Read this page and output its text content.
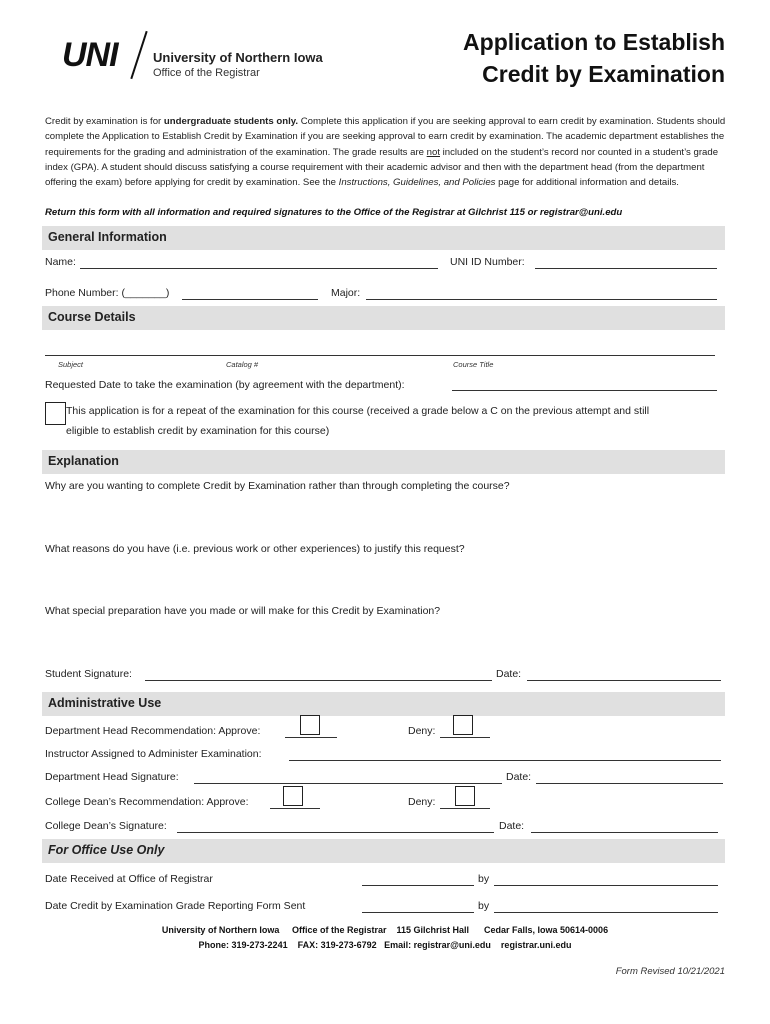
UNI	University of Northern Iowa
Office of the Registrar
Application to Establish
Credit by Examination
Credit by examination is for undergraduate students only. Complete this application if you are seeking approval to earn credit by examination. Students should complete the Application to Establish Credit by Examination if you are seeking approval to earn credit by examination. The academic department establishes the requirements for the grading and administration of the examination. The grade results are not included on the student’s record nor counted in a student’s grade index (GPA). A student should discuss satisfying a course requirement with their academic advisor and then with the department head (from the department offering the exam) before applying for credit by examination. See the Instructions, Guidelines, and Policies page for additional information and details.
Return this form with all information and required signatures to the Office of the Registrar at Gilchrist 115 or registrar@uni.edu
General Information
Name:	UNI ID Number:
Phone Number: (_______)	Major:
Course Details
Subject	Catalog #	Course Title
Requested Date to take the examination (by agreement with the department):
This application is for a repeat of the examination for this course (received a grade below a C on the previous attempt and still
eligible to establish credit by examination for this course)
Explanation
Why are you wanting to complete Credit by Examination rather than through completing the course?
What reasons do you have (i.e. previous work or other experiences) to justify this request?
What special preparation have you made or will make for this Credit by Examination?
Student Signature:	Date:
Administrative Use
Department Head Recommendation: Approve:	Deny:
Instructor Assigned to Administer Examination:
Department Head Signature:	Date:
College Dean’s Recommendation: Approve:	Deny:
College Dean’s Signature:	Date:
For Office Use Only
Date Received at Office of Registrar	by
Date Credit by Examination Grade Reporting Form Sent	by
University of Northern Iowa     Office of the Registrar    115 Gilchrist Hall      Cedar Falls, Iowa 50614-0006
Phone: 319-273-2241    FAX: 319-273-6792   Email: registrar@uni.edu    registrar.uni.edu
Form Revised 10/21/2021
